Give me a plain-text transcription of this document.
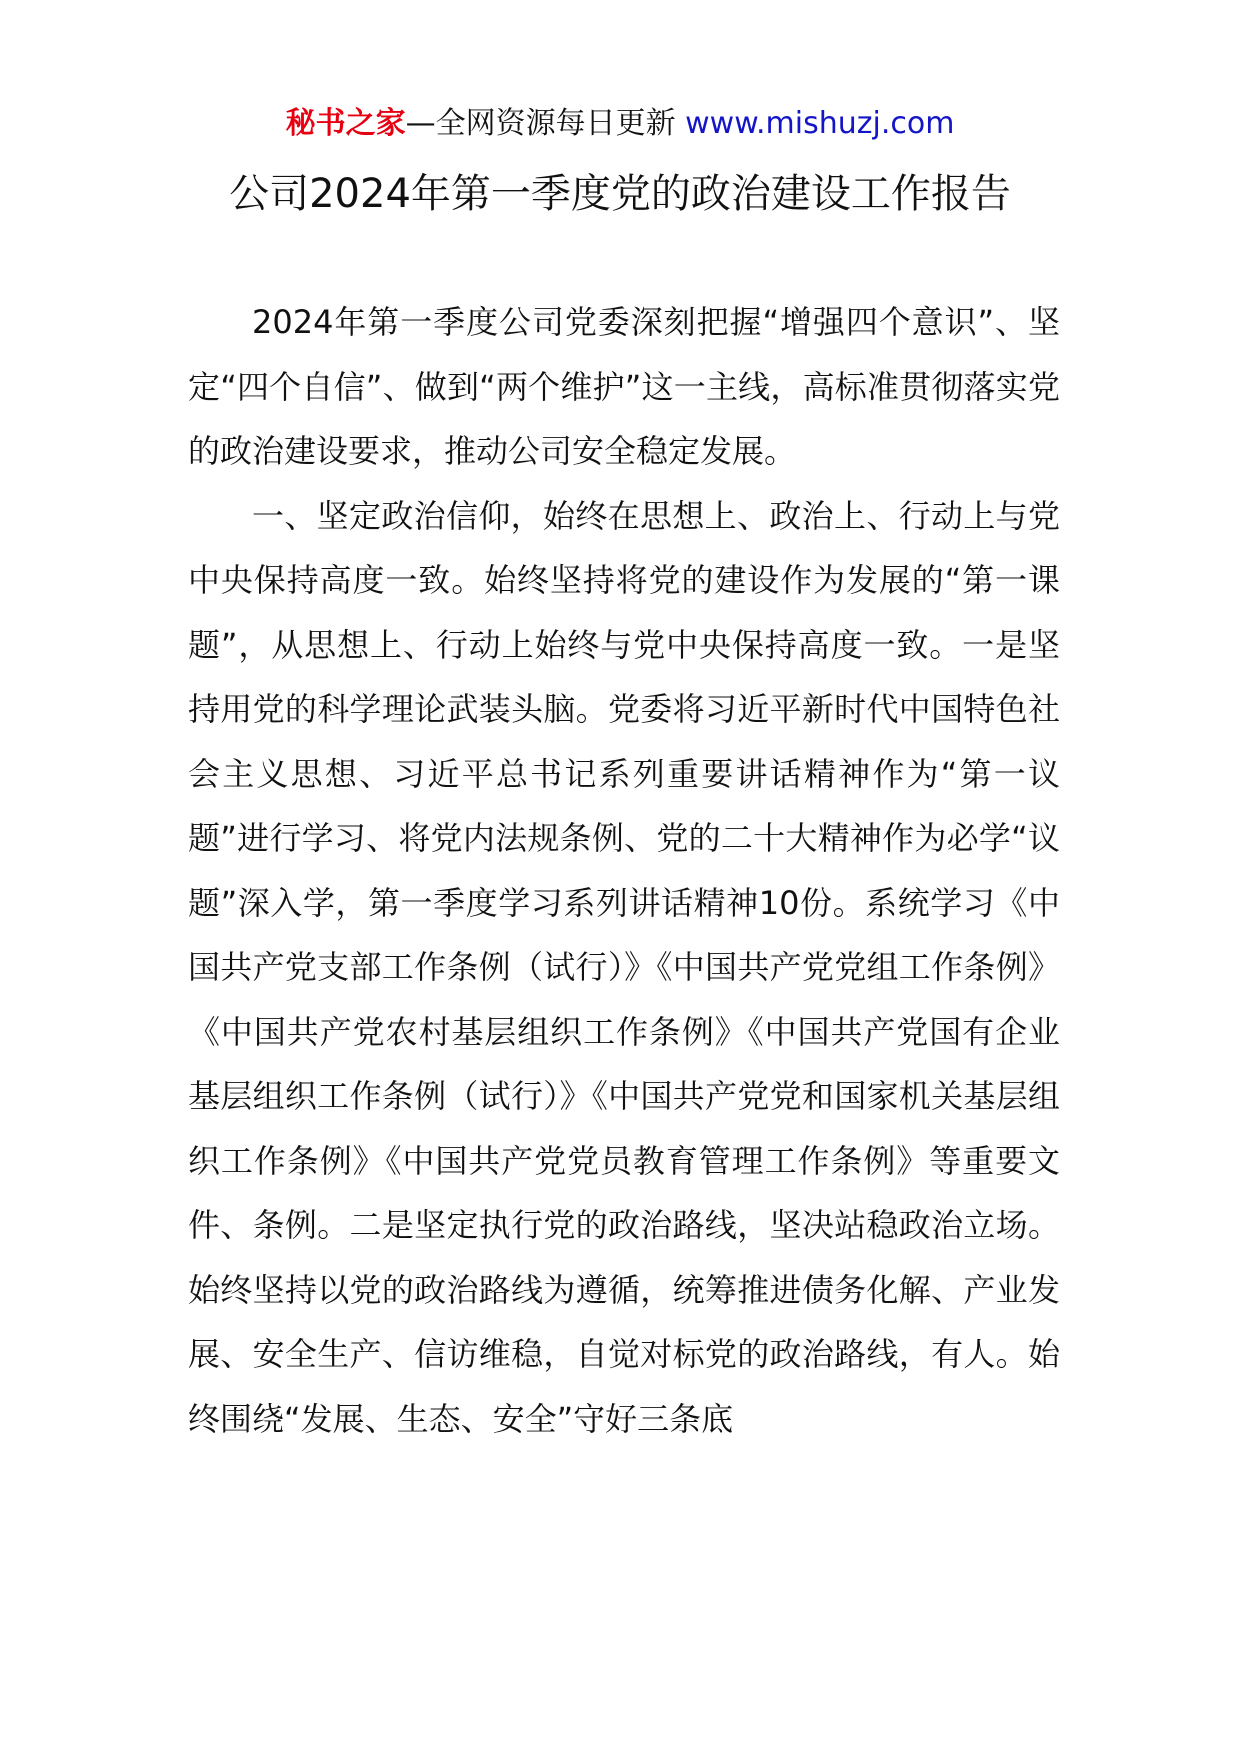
秘书之家—全网资源每日更新 www.mishuzj.com
公司2024年第一季度党的政治建设工作报告

2024年第一季度公司党委深刻把握“增强四个意识”、坚定“四个自信”、做到“两个维护”这一主线，高标准贯彻落实党的政治建设要求，推动公司安全稳定发展。

一、坚定政治信仰，始终在思想上、政治上、行动上与党中央保持高度一致。始终坚持将党的建设作为发展的“第一课题”，从思想上、行动上始终与党中央保持高度一致。一是坚持用党的科学理论武装头脑。党委将习近平新时代中国特色社会主义思想、习近平总书记系列重要讲话精神作为“第一议题”进行学习、将党内法规条例、党的二十大精神作为必学“议题”深入学，第一季度学习系列讲话精神10份。系统学习《中国共产党支部工作条例（试行）》《中国共产党党组工作条例》《中国共产党农村基层组织工作条例》《中国共产党国有企业基层组织工作条例（试行）》《中国共产党党和国家机关基层组织工作条例》《中国共产党党员教育管理工作条例》等重要文件、条例。二是坚定执行党的政治路线，坚决站稳政治立场。始终坚持以党的政治路线为遵循，统筹推进债务化解、产业发展、安全生产、信访维稳，自觉对标党的政治路线，有人。始终围绕“发展、生态、安全”守好三条底
